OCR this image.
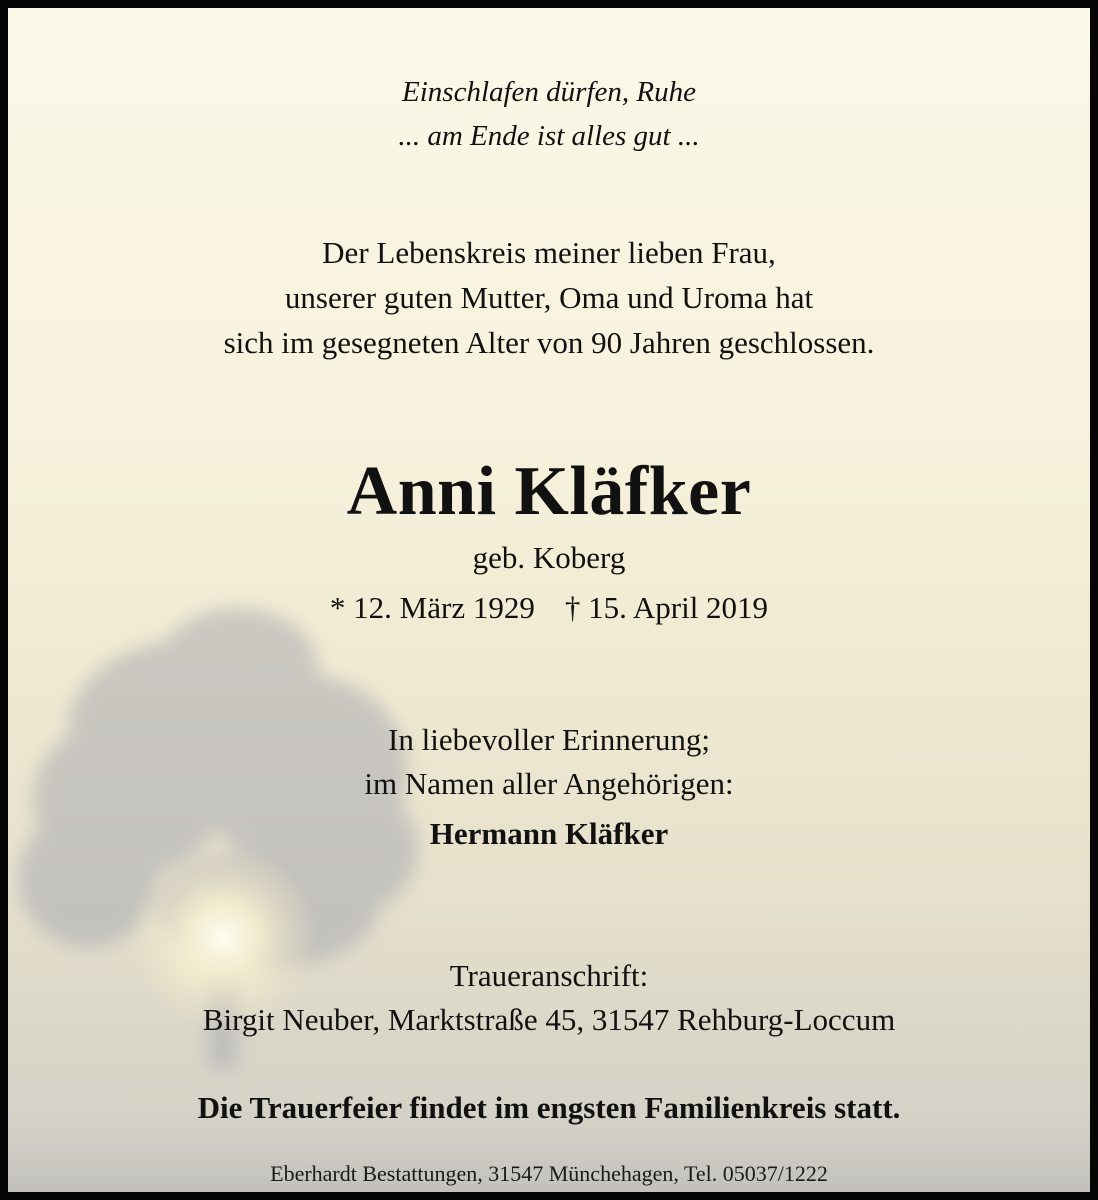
Einschlafen dürfen, Ruhe
... am Ende ist alles gut ...
Der Lebenskreis meiner lieben Frau,
unserer guten Mutter, Oma und Uroma hat
sich im gesegneten Alter von 90 Jahren geschlossen.
Anni Kläfker
geb. Koberg
* 12. März 1929 † 15. April 2019
In liebevoller Erinnerung;
im Namen aller Angehörigen:
Hermann Kläfker
Traueranschrift:
Birgit Neuber, Marktstraße 45, 31547 Rehburg-Loccum
Die Trauerfeier findet im engsten Familienkreis statt.
Eberhardt Bestattungen, 31547 Münchehagen, Tel. 05037/1222
